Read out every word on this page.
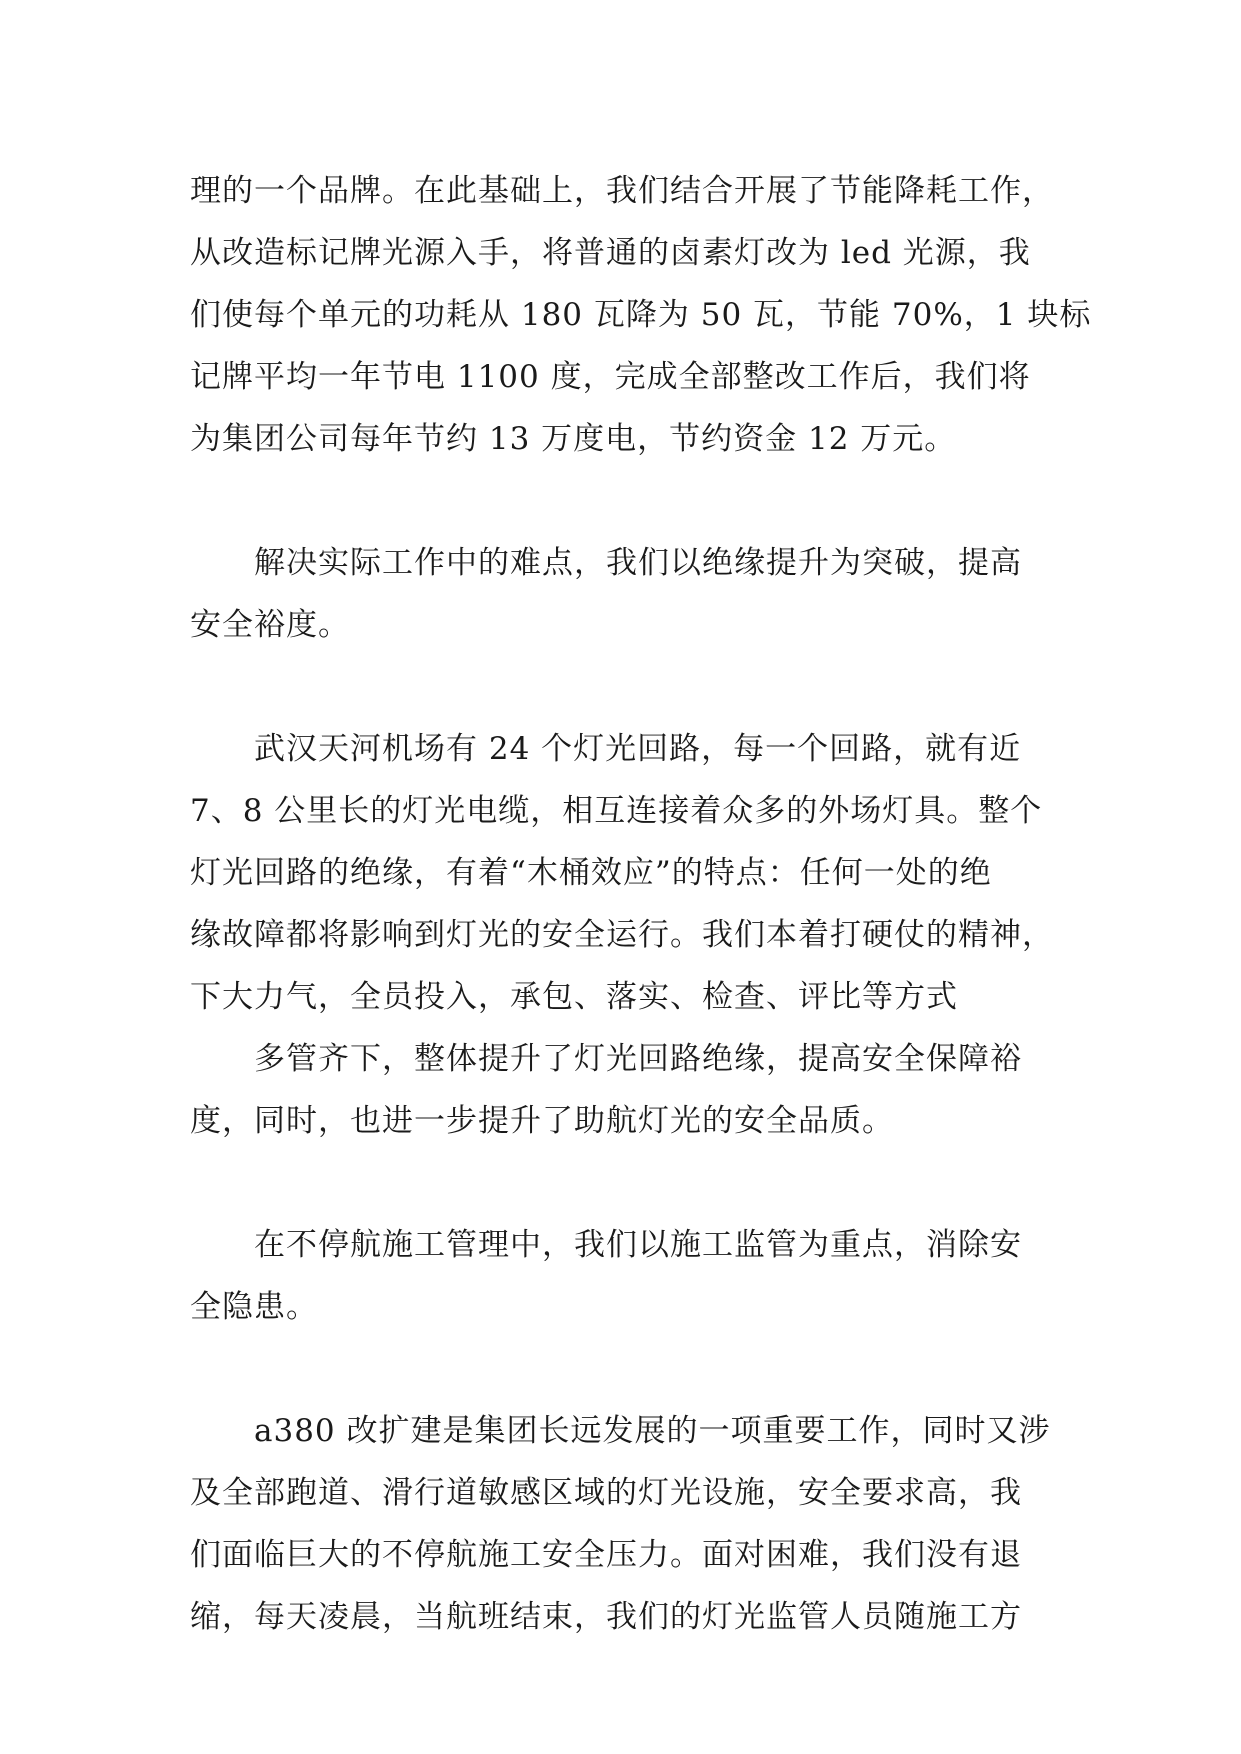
理的一个品牌。在此基础上，我们结合开展了节能降耗工作，
从改造标记牌光源入手，将普通的卤素灯改为 led 光源，我
们使每个单元的功耗从 180 瓦降为 50 瓦，节能 70%，1 块标
记牌平均一年节电 1100 度，完成全部整改工作后，我们将
为集团公司每年节约 13 万度电，节约资金 12 万元。
解决实际工作中的难点，我们以绝缘提升为突破，提高
安全裕度。
武汉天河机场有 24 个灯光回路，每一个回路，就有近
7、8 公里长的灯光电缆，相互连接着众多的外场灯具。整个
灯光回路的绝缘，有着“木桶效应”的特点：任何一处的绝
缘故障都将影响到灯光的安全运行。我们本着打硬仗的精神，
下大力气，全员投入，承包、落实、检查、评比等方式
多管齐下，整体提升了灯光回路绝缘，提高安全保障裕
度，同时，也进一步提升了助航灯光的安全品质。
在不停航施工管理中，我们以施工监管为重点，消除安
全隐患。
a380 改扩建是集团长远发展的一项重要工作，同时又涉
及全部跑道、滑行道敏感区域的灯光设施，安全要求高，我
们面临巨大的不停航施工安全压力。面对困难，我们没有退
缩，每天凌晨，当航班结束，我们的灯光监管人员随施工方
